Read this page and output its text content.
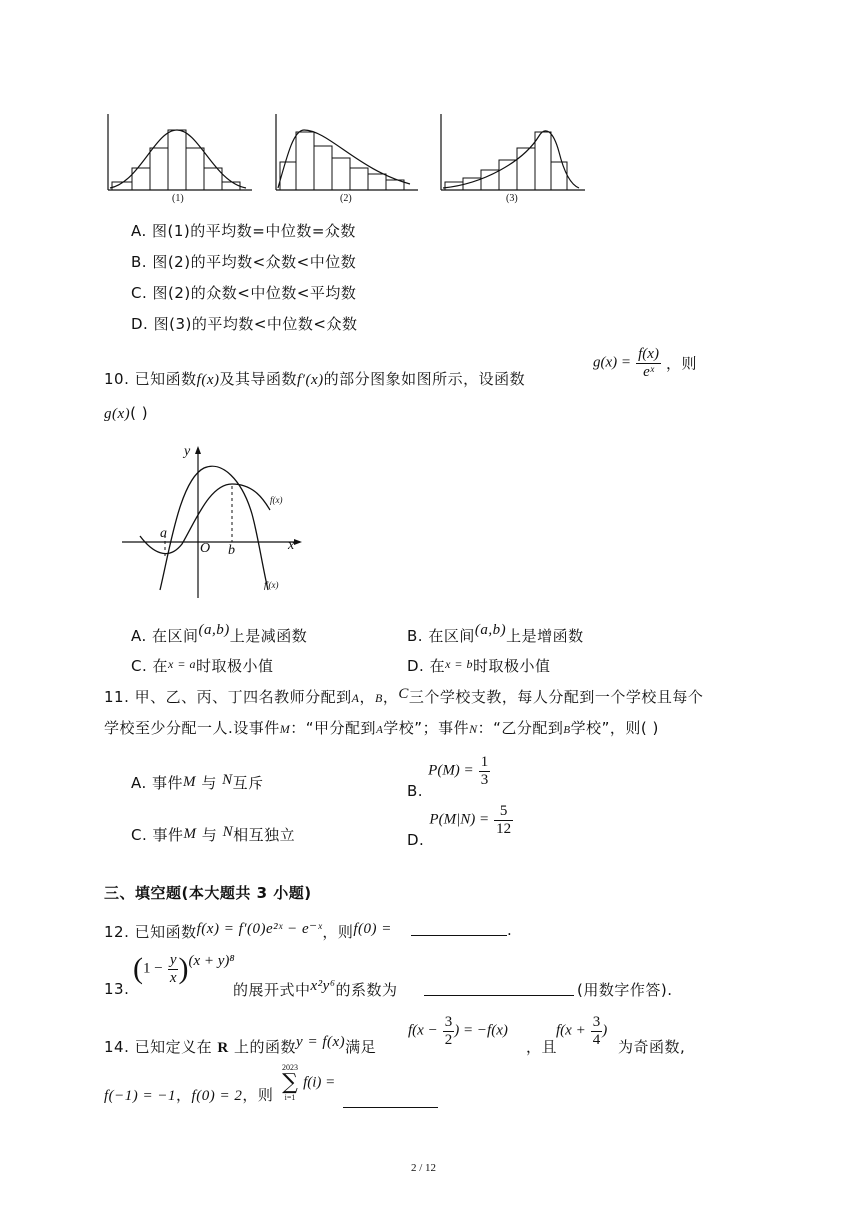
(1)	(2)	(3)
A. 图(1)的平均数=中位数=众数
B. 图(2)的平均数<众数<中位数
C. 图(2)的众数<中位数<平均数
D. 图(3)的平均数<中位数<众数
10. 已知函数f(x)及其导函数f′(x)的部分图象如图所示，设函数
$g(x) = \frac{f(x)}{\text{eˣ}}$ ，则
g(x)( )
y
x
O
a
b
f(x)
f′(x)
A. 在区间(a,b)上是减函数	B. 在区间(a,b)上是增函数
C. 在$^{x = a}$时取极小值	D. 在$^{x = b}$时取极小值
11. 甲、乙、丙、丁四名教师分配到A，B，C三个学校支教，每人分配到一个学校且每个
学校至少分配一人.设事件M：“甲分配到A学校”；事件N：“乙分配到B学校”，则( )
A. 事件M 与 N互斥	B. $P(M) = \frac{1}{3}$
C. 事件M 与 N相互独立	D. $P(M|N) = \frac{5}{12}$
三、填空题(本大题共 3 小题)
12. 已知函数f(x) = f′(0)e²ˣ − e⁻ˣ，则f(0) =	.
13.
$(1 - \frac{y}{x} )(x + y)^8$
的展开式中x²y⁶的系数为	(用数字作答).
14. 已知定义在 R 上的函数y = f(x)满足
$f(x - \frac{3}{2}$ ) = −f(x)
，且
$f(x + \frac{3}{4}$ )
为奇函数,
f(−1) = −1，f(0) = 2，则
2023
∑
i=1
f(i) =
2 / 12
